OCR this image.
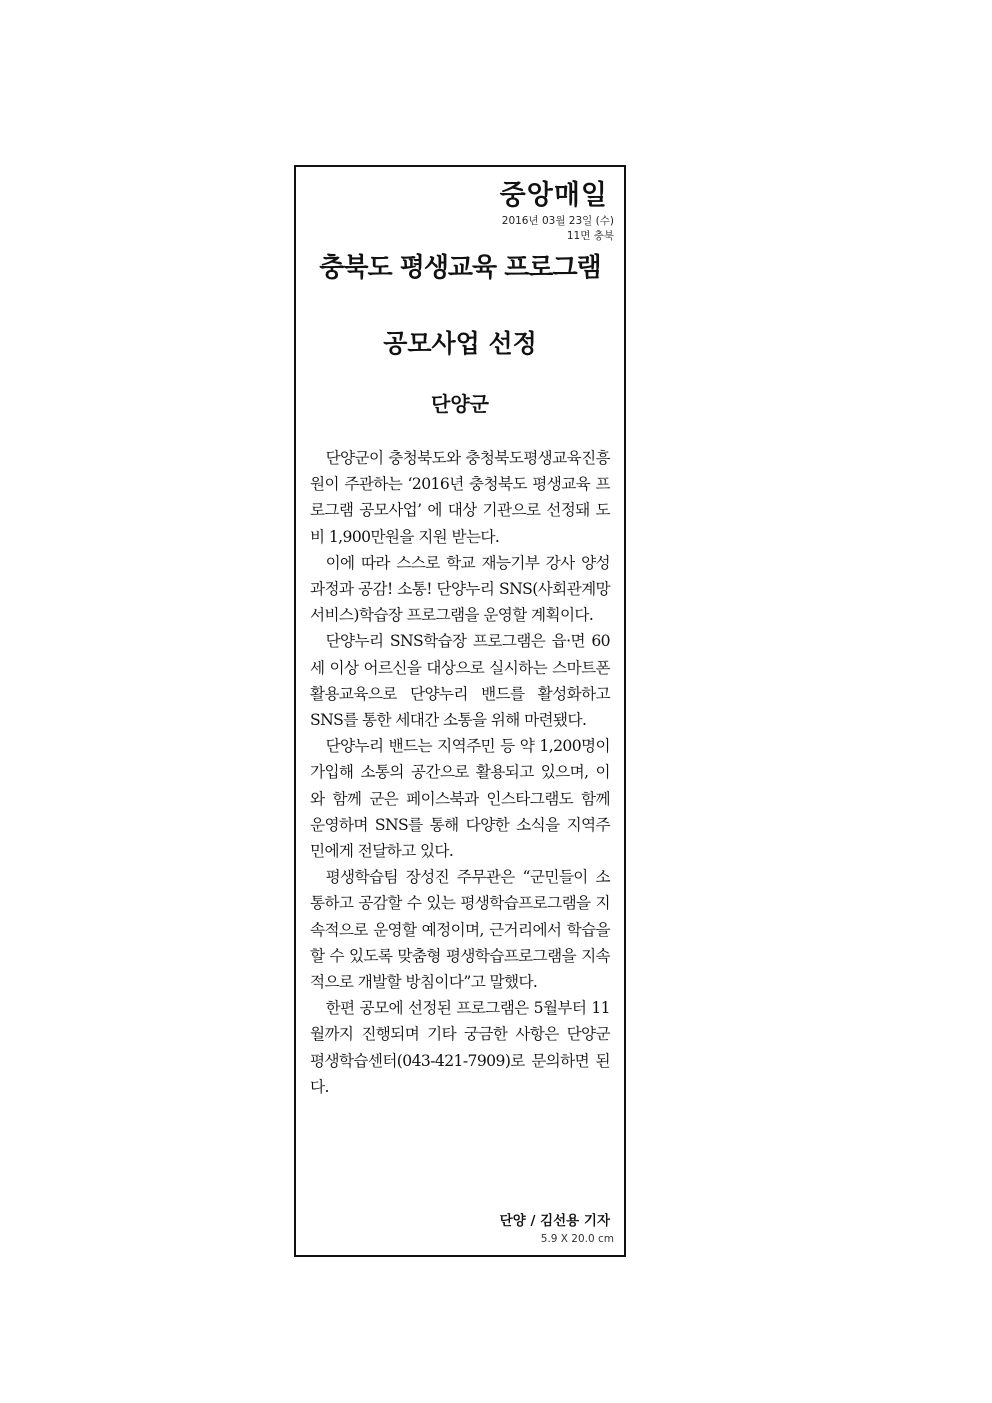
중앙매일
2016년 03월 23일 (수)
11면 충북
충북도 평생교육 프로그램
공모사업 선정
단양군

단양군이 충청북도와 충청북도평생교육진흥원이 주관하는 ‘2016년 충청북도 평생교육 프로그램 공모사업’ 에 대상 기관으로 선정돼 도비 1,900만원을 지원 받는다.

이에 따라 스스로 학교 재능기부 강사 양성과정과 공감! 소통! 단양누리 SNS(사회관계망서비스)학습장 프로그램을 운영할 계획이다.

단양누리 SNS학습장 프로그램은 읍·면 60세 이상 어르신을 대상으로 실시하는 스마트폰 활용교육으로 단양누리 밴드를 활성화하고 SNS를 통한 세대간 소통을 위해 마련됐다.

단양누리 밴드는 지역주민 등 약 1,200명이 가입해 소통의 공간으로 활용되고 있으며, 이와 함께 군은 페이스북과 인스타그램도 함께 운영하며 SNS를 통해 다양한 소식을 지역주민에게 전달하고 있다.

평생학습팀 장성진 주무관은 “군민들이 소통하고 공감할 수 있는 평생학습프로그램을 지속적으로 운영할 예정이며, 근거리에서 학습을 할 수 있도록 맞춤형 평생학습프로그램을 지속적으로 개발할 방침이다”고 말했다.

한편 공모에 선정된 프로그램은 5월부터 11월까지 진행되며 기타 궁금한 사항은 단양군 평생학습센터(043-421-7909)로 문의하면 된다.

단양 / 김선용 기자
5.9 X 20.0 cm
